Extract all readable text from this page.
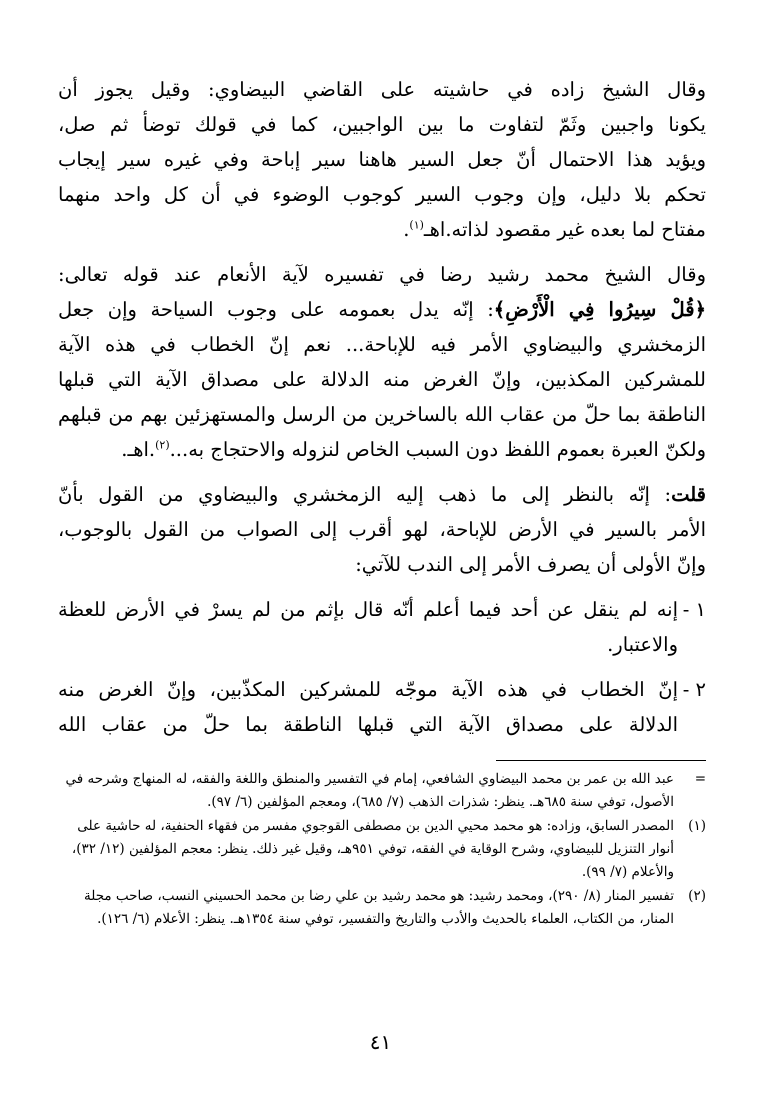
وقال الشيخ زاده في حاشيته على القاضي البيضاوي: وقيل يجوز أن
يكونا واجبين وثَمّ لتفاوت ما بين الواجبين، كما في قولك توضأ ثم صل،
ويؤيد هذا الاحتمال أنّ جعل السير هاهنا سير إباحة وفي غيره سير إيجاب
تحكم بلا دليل، وإن وجوب السير كوجوب الوضوء في أن كل واحد منهما
مفتاح لما بعده غير مقصود لذاته.اهـ$^{(١)}$.

وقال الشيخ محمد رشيد رضا في تفسيره لآية الأنعام عند قوله تعالى:
﴿قُلْ سِيرُوا فِي الْأَرْضِ﴾: إنّه يدل بعمومه على وجوب السياحة وإن جعل
الزمخشري والبيضاوي الأمر فيه للإباحة... نعم إنّ الخطاب في هذه الآية
للمشركين المكذبين، وإنّ الغرض منه الدلالة على مصداق الآية التي قبلها
الناطقة بما حلّ من عقاب الله بالساخرين من الرسل والمستهزئين بهم من قبلهم
ولكنّ العبرة بعموم اللفظ دون السبب الخاص لنزوله والاحتجاج به...$^{(٢)}$.اهـ.

قلت: إنّه بالنظر إلى ما ذهب إليه الزمخشري والبيضاوي من القول بأنّ
الأمر بالسير في الأرض للإباحة، لهو أقرب إلى الصواب من القول بالوجوب،
وإنّ الأولى أن يصرف الأمر إلى الندب للآتي:

١ -
إنه لم ينقل عن أحد فيما أعلم أنّه قال بإثم من لم يسرْ في الأرض للعظة
والاعتبار.

٢ -
إنّ الخطاب في هذه الآية موجّه للمشركين المكذّبين، وإنّ الغرض منه
الدلالة على مصداق الآية التي قبلها الناطقة بما حلّ من عقاب الله

=
عبد الله بن عمر بن محمد البيضاوي الشافعي، إمام في التفسير والمنطق واللغة والفقه، له المنهاج وشرحه في الأصول، توفي سنة ٦٨٥هـ. ينظر: شذرات الذهب (٧/ ٦٨٥)، ومعجم المؤلفين (٦/ ٩٧).
(١)
المصدر السابق، وزاده: هو محمد محيي الدين بن مصطفى القوجوي مفسر من فقهاء الحنفية، له حاشية على أنوار التنزيل للبيضاوي، وشرح الوقاية في الفقه، توفي ٩٥١هـ، وقيل غير ذلك. ينظر: معجم المؤلفين (١٢/ ٣٢)، والأعلام (٧/ ٩٩).
(٢)
تفسير المنار (٨/ ٢٩٠)، ومحمد رشيد: هو محمد رشيد بن علي رضا بن محمد الحسيني النسب، صاحب مجلة المنار، من الكتاب، العلماء بالحديث والأدب والتاريخ والتفسير، توفي سنة ١٣٥٤هـ. ينظر: الأعلام (٦/ ١٢٦).
٤١
